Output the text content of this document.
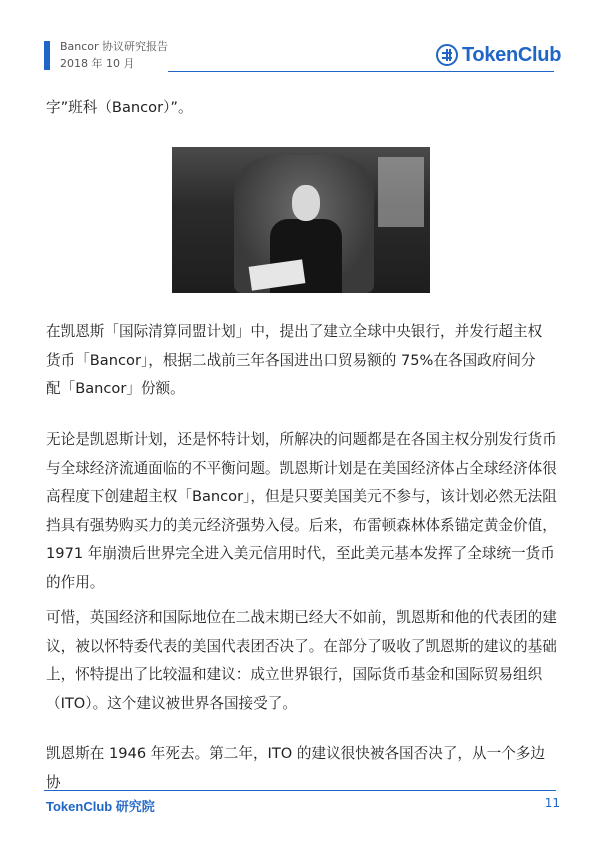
Bancor 协议研究报告
2018 年 10 月	TokenClub
字”班科（Bancor）”。
在凯恩斯「国际清算同盟计划」中，提出了建立全球中央银行，并发行超主权
货币「Bancor」，根据二战前三年各国进出口贸易额的 75%在各国政府间分
配「Bancor」份额。
无论是凯恩斯计划，还是怀特计划，所解决的问题都是在各国主权分别发行货币
与全球经济流通面临的不平衡问题。凯恩斯计划是在美国经济体占全球经济体很
高程度下创建超主权「Bancor」，但是只要美国美元不参与，该计划必然无法阻
挡具有强势购买力的美元经济强势入侵。后来，布雷顿森林体系锚定黄金价值，
1971 年崩溃后世界完全进入美元信用时代，至此美元基本发挥了全球统一货币
的作用。
可惜，英国经济和国际地位在二战末期已经大不如前，凯恩斯和他的代表团的建
议，被以怀特委代表的美国代表团否决了。在部分了吸收了凯恩斯的建议的基础
上，怀特提出了比较温和建议：成立世界银行，国际货币基金和国际贸易组织
（ITO）。这个建议被世界各国接受了。
凯恩斯在 1946 年死去。第二年，ITO 的建议很快被各国否决了，从一个多边协
TokenClub 研究院	11
